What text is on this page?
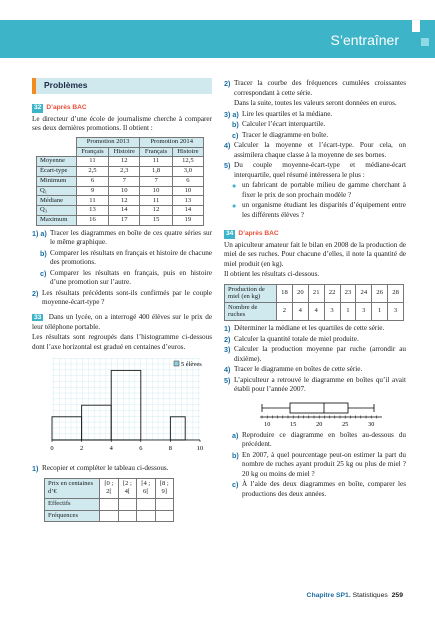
S’entraîner
Problèmes
32 D’après BAC

Le directeur d’une école de journalisme cherche à comparer ses deux dernières promotions. Il obtient :

	Promotion 2013		Promotion 2014	
	Français	Histoire	Français	Histoire
Moyenne	11	12	11	12,5
Écart-type	2,5	2,3	1,8	3,0
Minimum	6	7	7	6
Q₁	9	10	10	10
Médiane	11	12	11	13
Q₃	13	14	12	14
Maximum	16	17	15	19
1) a) Tracer les diagrammes en boîte de ces quatre séries sur le même graphique.
b) Comparer les résultats en français et histoire de chacune des promotions.
c) Comparer les résultats en français, puis en histoire d’une promotion sur l’autre.
2) Les résultats précédents sont-ils confirmés par le couple moyenne-écart-type ?

33 Dans un lycée, on a interrogé 400 élèves sur le prix de leur téléphone portable.

Les résultats sont regroupés dans l’histogramme ci-dessous dont l’axe horizontal est gradué en centaines d’euros.

5 élèves
0	2	4	6	8	10
1) Recopier et compléter le tableau ci-dessous.
Prix en centaines d’€	[0 ; 2[	[2 ; 4[	[4 ; 6[	[8 ; 9]
Effectifs				
Fréquences				
2) Tracer la courbe des fréquences cumulées croissantes correspondant à cette série.

Dans la suite, toutes les valeurs seront données en euros.

3) a) Lire les quartiles et la médiane.
b) Calculer l’écart interquartile.
c) Tracer le diagramme en boîte.
4) Calculer la moyenne et l’écart-type. Pour cela, on assimilera chaque classe à la moyenne de ses bornes.
5) Du couple moyenne-écart-type et médiane-écart interquartile, quel résumé intéressera le plus :
● un fabricant de portable milieu de gamme cherchant à fixer le prix de son prochain modèle ?
● un organisme étudiant les disparités d’équipement entre les différents élèves ?
34 D’après BAC

Un apiculteur amateur fait le bilan en 2008 de la production de miel de ses ruches. Pour chacune d’elles, il note la quantité de miel produit (en kg).

Il obtient les résultats ci-dessous.

Production de miel (en kg)	18	20	21	22	23	24	26	28
Nombre de ruches	2	4	4	3	1	3	1	3
1) Déterminer la médiane et les quartiles de cette série.
2) Calculer la quantité totale de miel produite.
3) Calculer la production moyenne par ruche (arrondir au dixième).
4) Tracer le diagramme en boîtes de cette série.
5) L’apiculteur a retrouvé le diagramme en boîtes qu’il avait établi pour l’année 2007.
10	15	20	25	30
a) Reproduire ce diagramme en boîtes au-dessous du précédent.
b) En 2007, à quel pourcentage peut-on estimer la part du nombre de ruches ayant produit 25 kg ou plus de miel ? 20 kg ou moins de miel ?
c) À l’aide des deux diagrammes en boîte, comparer les productions des deux années.
Chapitre SP1. Statistiques 259
